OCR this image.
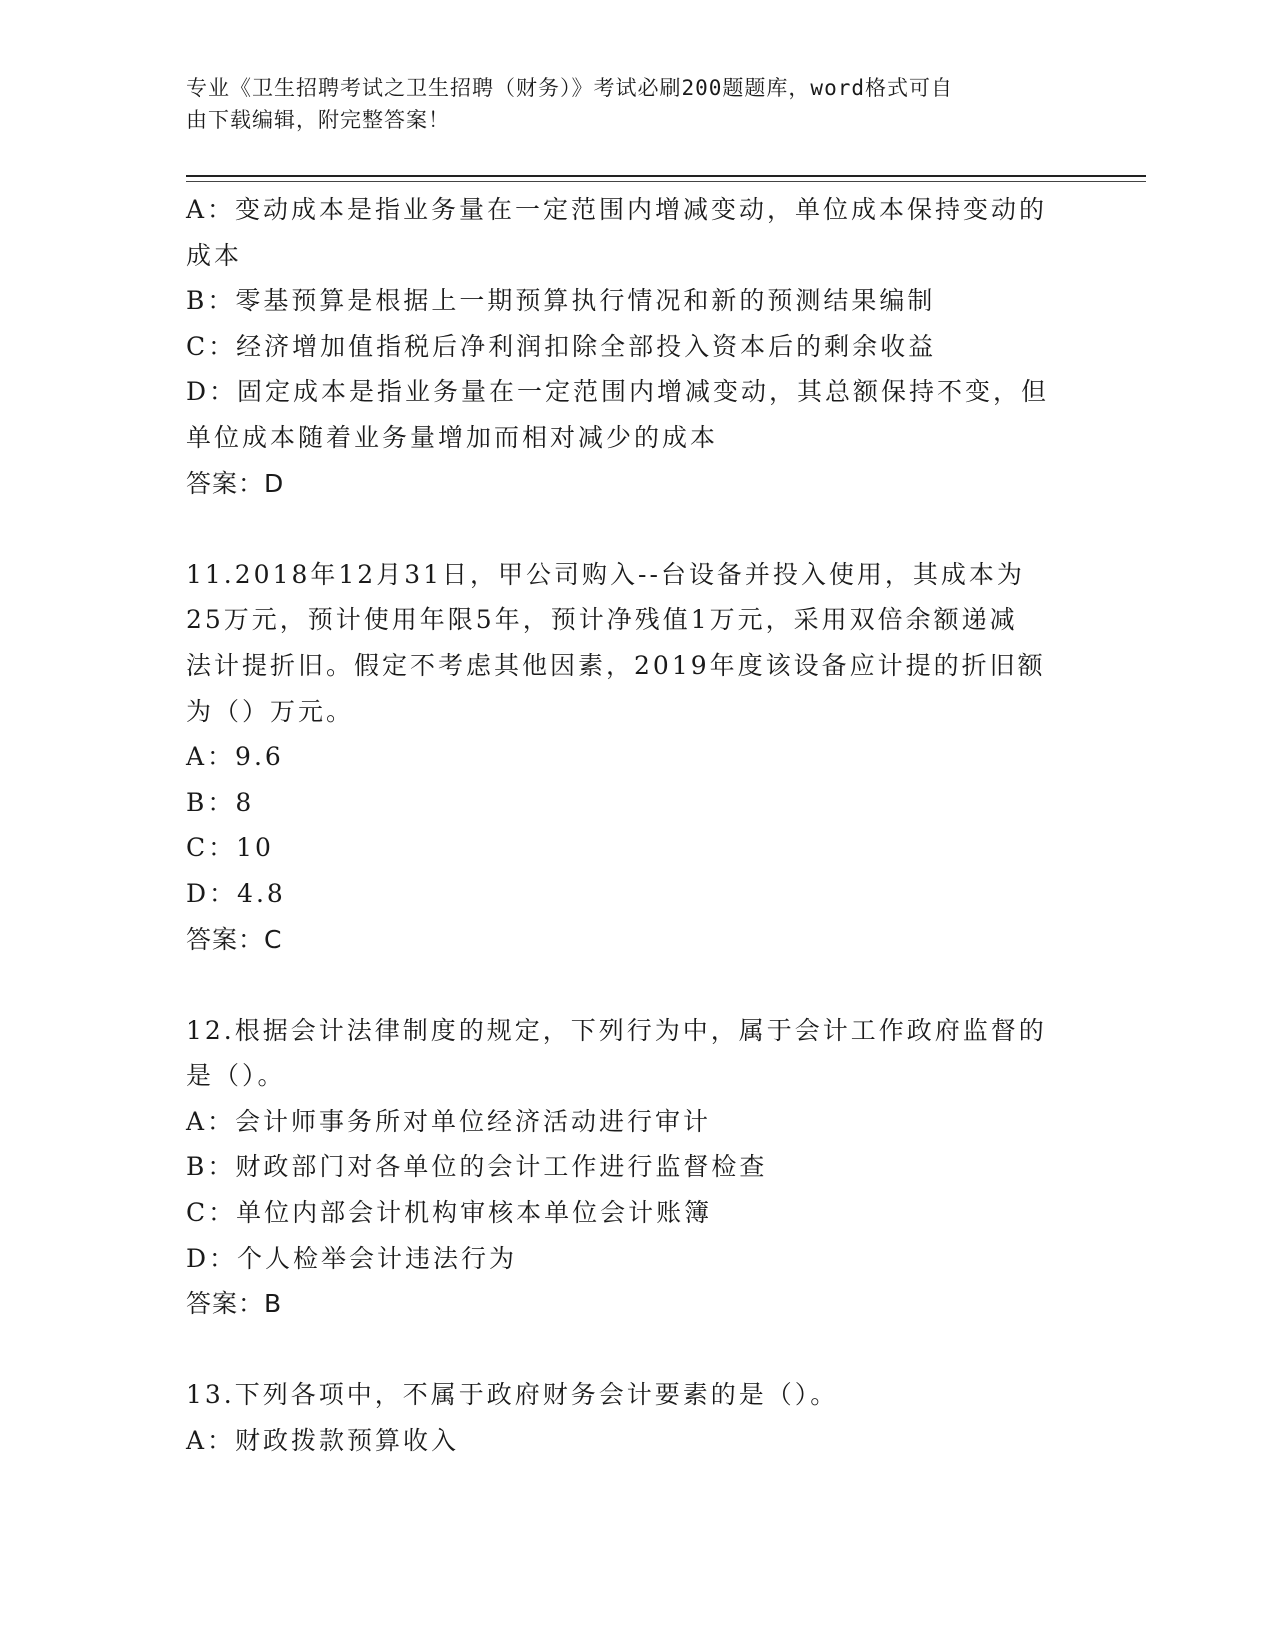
专业《卫生招聘考试之卫生招聘（财务）》考试必刷200题题库，word格式可自
由下载编辑，附完整答案！
A：变动成本是指业务量在一定范围内增减变动，单位成本保持变动的
成本
B：零基预算是根据上一期预算执行情况和新的预测结果编制
C：经济增加值指税后净利润扣除全部投入资本后的剩余收益
D：固定成本是指业务量在一定范围内增减变动，其总额保持不变，但
单位成本随着业务量增加而相对减少的成本
答案：D
11.2018年12月31日，甲公司购入--台设备并投入使用，其成本为
25万元，预计使用年限5年，预计净残值1万元，采用双倍余额递减
法计提折旧。假定不考虑其他因素，2019年度该设备应计提的折旧额
为（）万元。
A：9.6
B：8
C：10
D：4.8
答案：C
12.根据会计法律制度的规定，下列行为中，属于会计工作政府监督的
是（）。
A：会计师事务所对单位经济活动进行审计
B：财政部门对各单位的会计工作进行监督检查
C：单位内部会计机构审核本单位会计账簿
D：个人检举会计违法行为
答案：B
13.下列各项中，不属于政府财务会计要素的是（）。
A：财政拨款预算收入
